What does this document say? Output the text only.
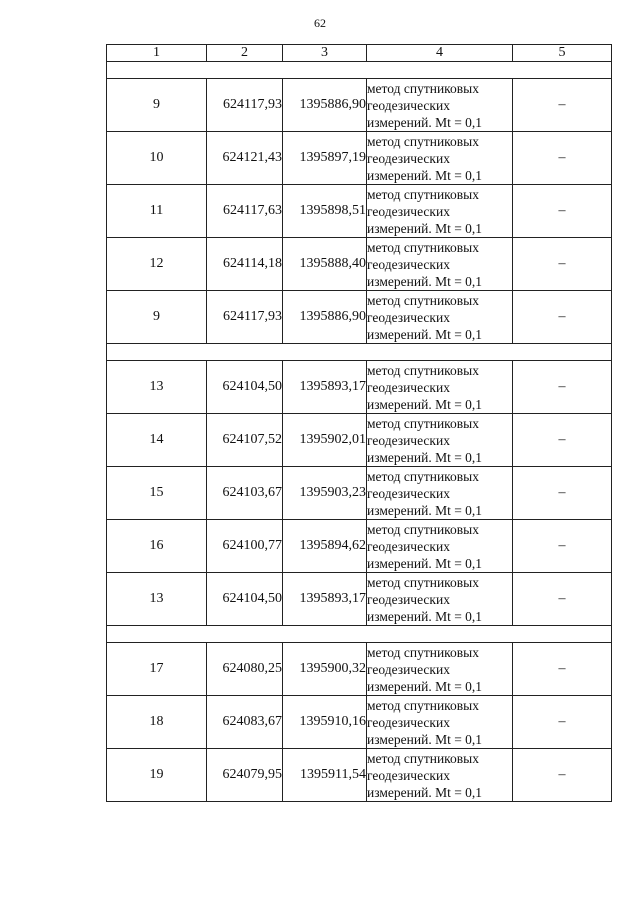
62
1	2	3	4	5

9	624117,93	1395886,90	метод спутниковых
геодезических
измерений. Mt = 0,1	–
10	624121,43	1395897,19	метод спутниковых
геодезических
измерений. Mt = 0,1	–
11	624117,63	1395898,51	метод спутниковых
геодезических
измерений. Mt = 0,1	–
12	624114,18	1395888,40	метод спутниковых
геодезических
измерений. Mt = 0,1	–
9	624117,93	1395886,90	метод спутниковых
геодезических
измерений. Mt = 0,1	–

13	624104,50	1395893,17	метод спутниковых
геодезических
измерений. Mt = 0,1	–
14	624107,52	1395902,01	метод спутниковых
геодезических
измерений. Mt = 0,1	–
15	624103,67	1395903,23	метод спутниковых
геодезических
измерений. Mt = 0,1	–
16	624100,77	1395894,62	метод спутниковых
геодезических
измерений. Mt = 0,1	–
13	624104,50	1395893,17	метод спутниковых
геодезических
измерений. Mt = 0,1	–

17	624080,25	1395900,32	метод спутниковых
геодезических
измерений. Mt = 0,1	–
18	624083,67	1395910,16	метод спутниковых
геодезических
измерений. Mt = 0,1	–
19	624079,95	1395911,54	метод спутниковых
геодезических
измерений. Mt = 0,1	–
